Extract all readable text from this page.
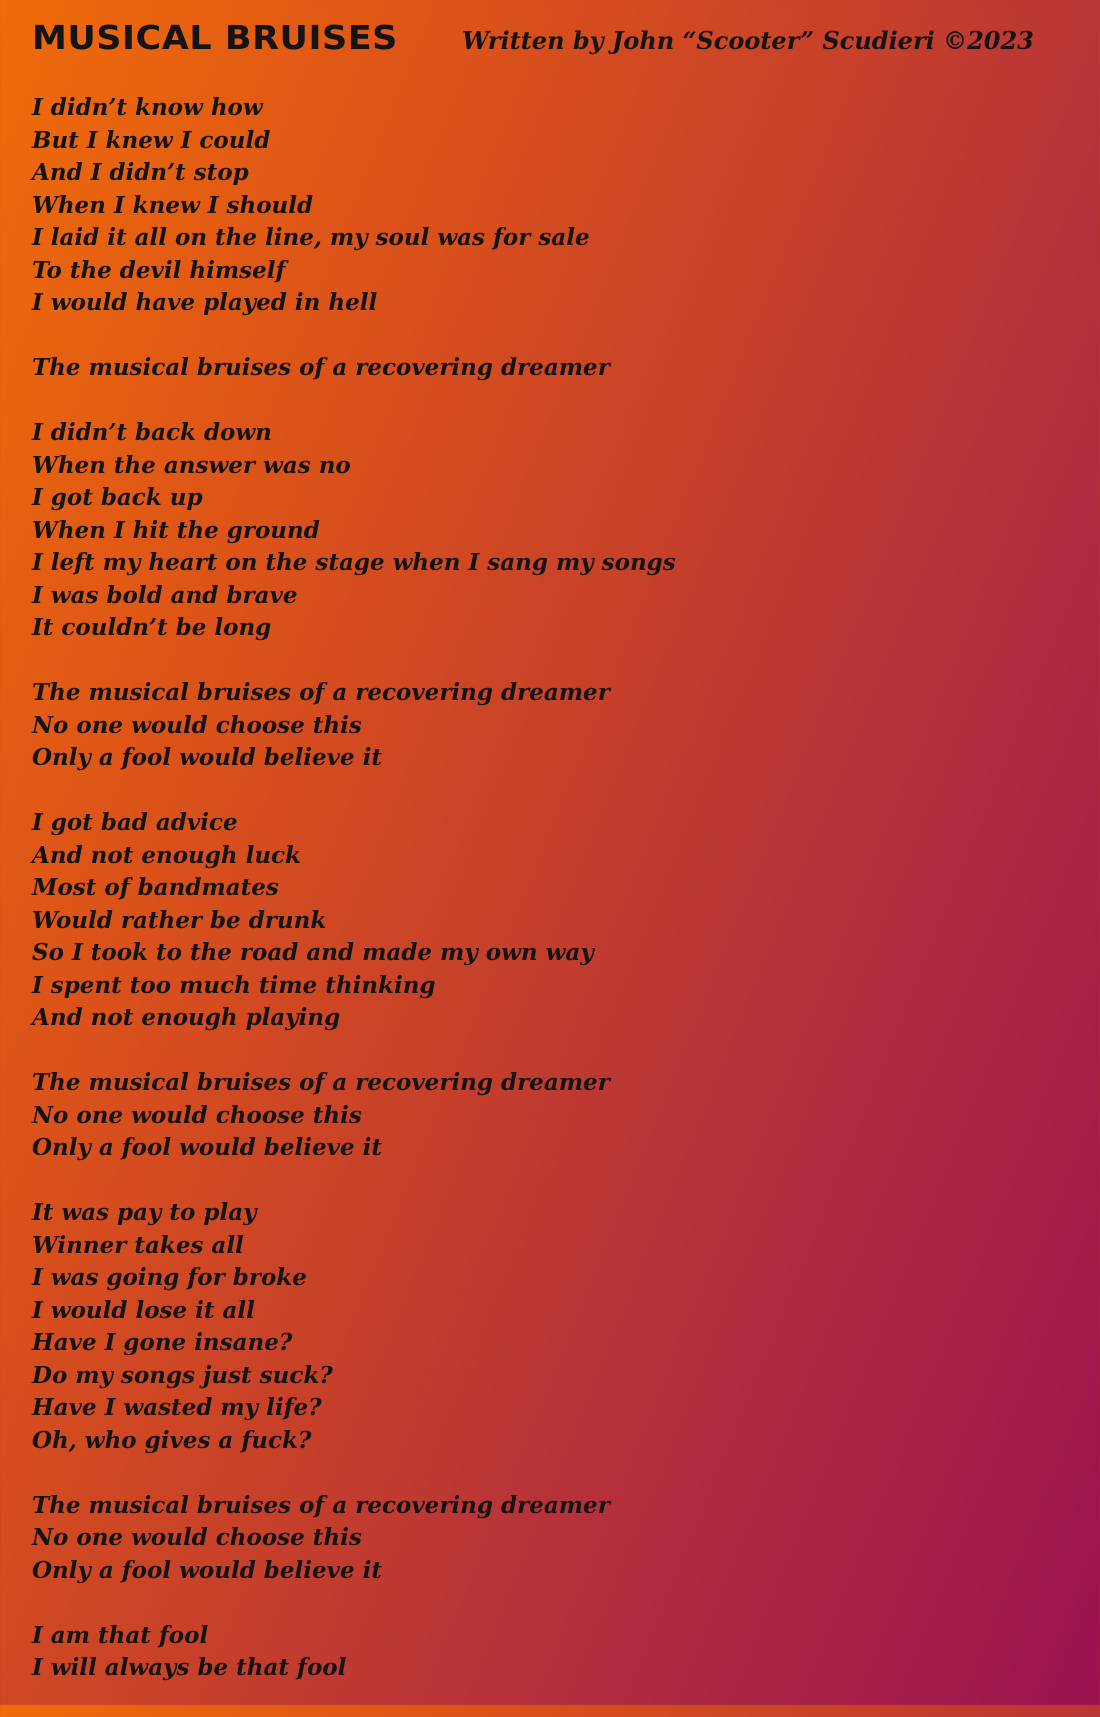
MUSICAL BRUISES	Written by John “Scooter” Scudieri ©2023
I didn’t know how
But I knew I could
And I didn’t stop
When I knew I should
I laid it all on the line, my soul was for sale
To the devil himself
I would have played in hell
The musical bruises of a recovering dreamer
I didn’t back down
When the answer was no
I got back up
When I hit the ground
I left my heart on the stage when I sang my songs
I was bold and brave
It couldn’t be long
The musical bruises of a recovering dreamer
No one would choose this
Only a fool would believe it
I got bad advice
And not enough luck
Most of bandmates
Would rather be drunk
So I took to the road and made my own way
I spent too much time thinking
And not enough playing
The musical bruises of a recovering dreamer
No one would choose this
Only a fool would believe it
It was pay to play
Winner takes all
I was going for broke
I would lose it all
Have I gone insane?
Do my songs just suck?
Have I wasted my life?
Oh, who gives a fuck?
The musical bruises of a recovering dreamer
No one would choose this
Only a fool would believe it
I am that fool
I will always be that fool
